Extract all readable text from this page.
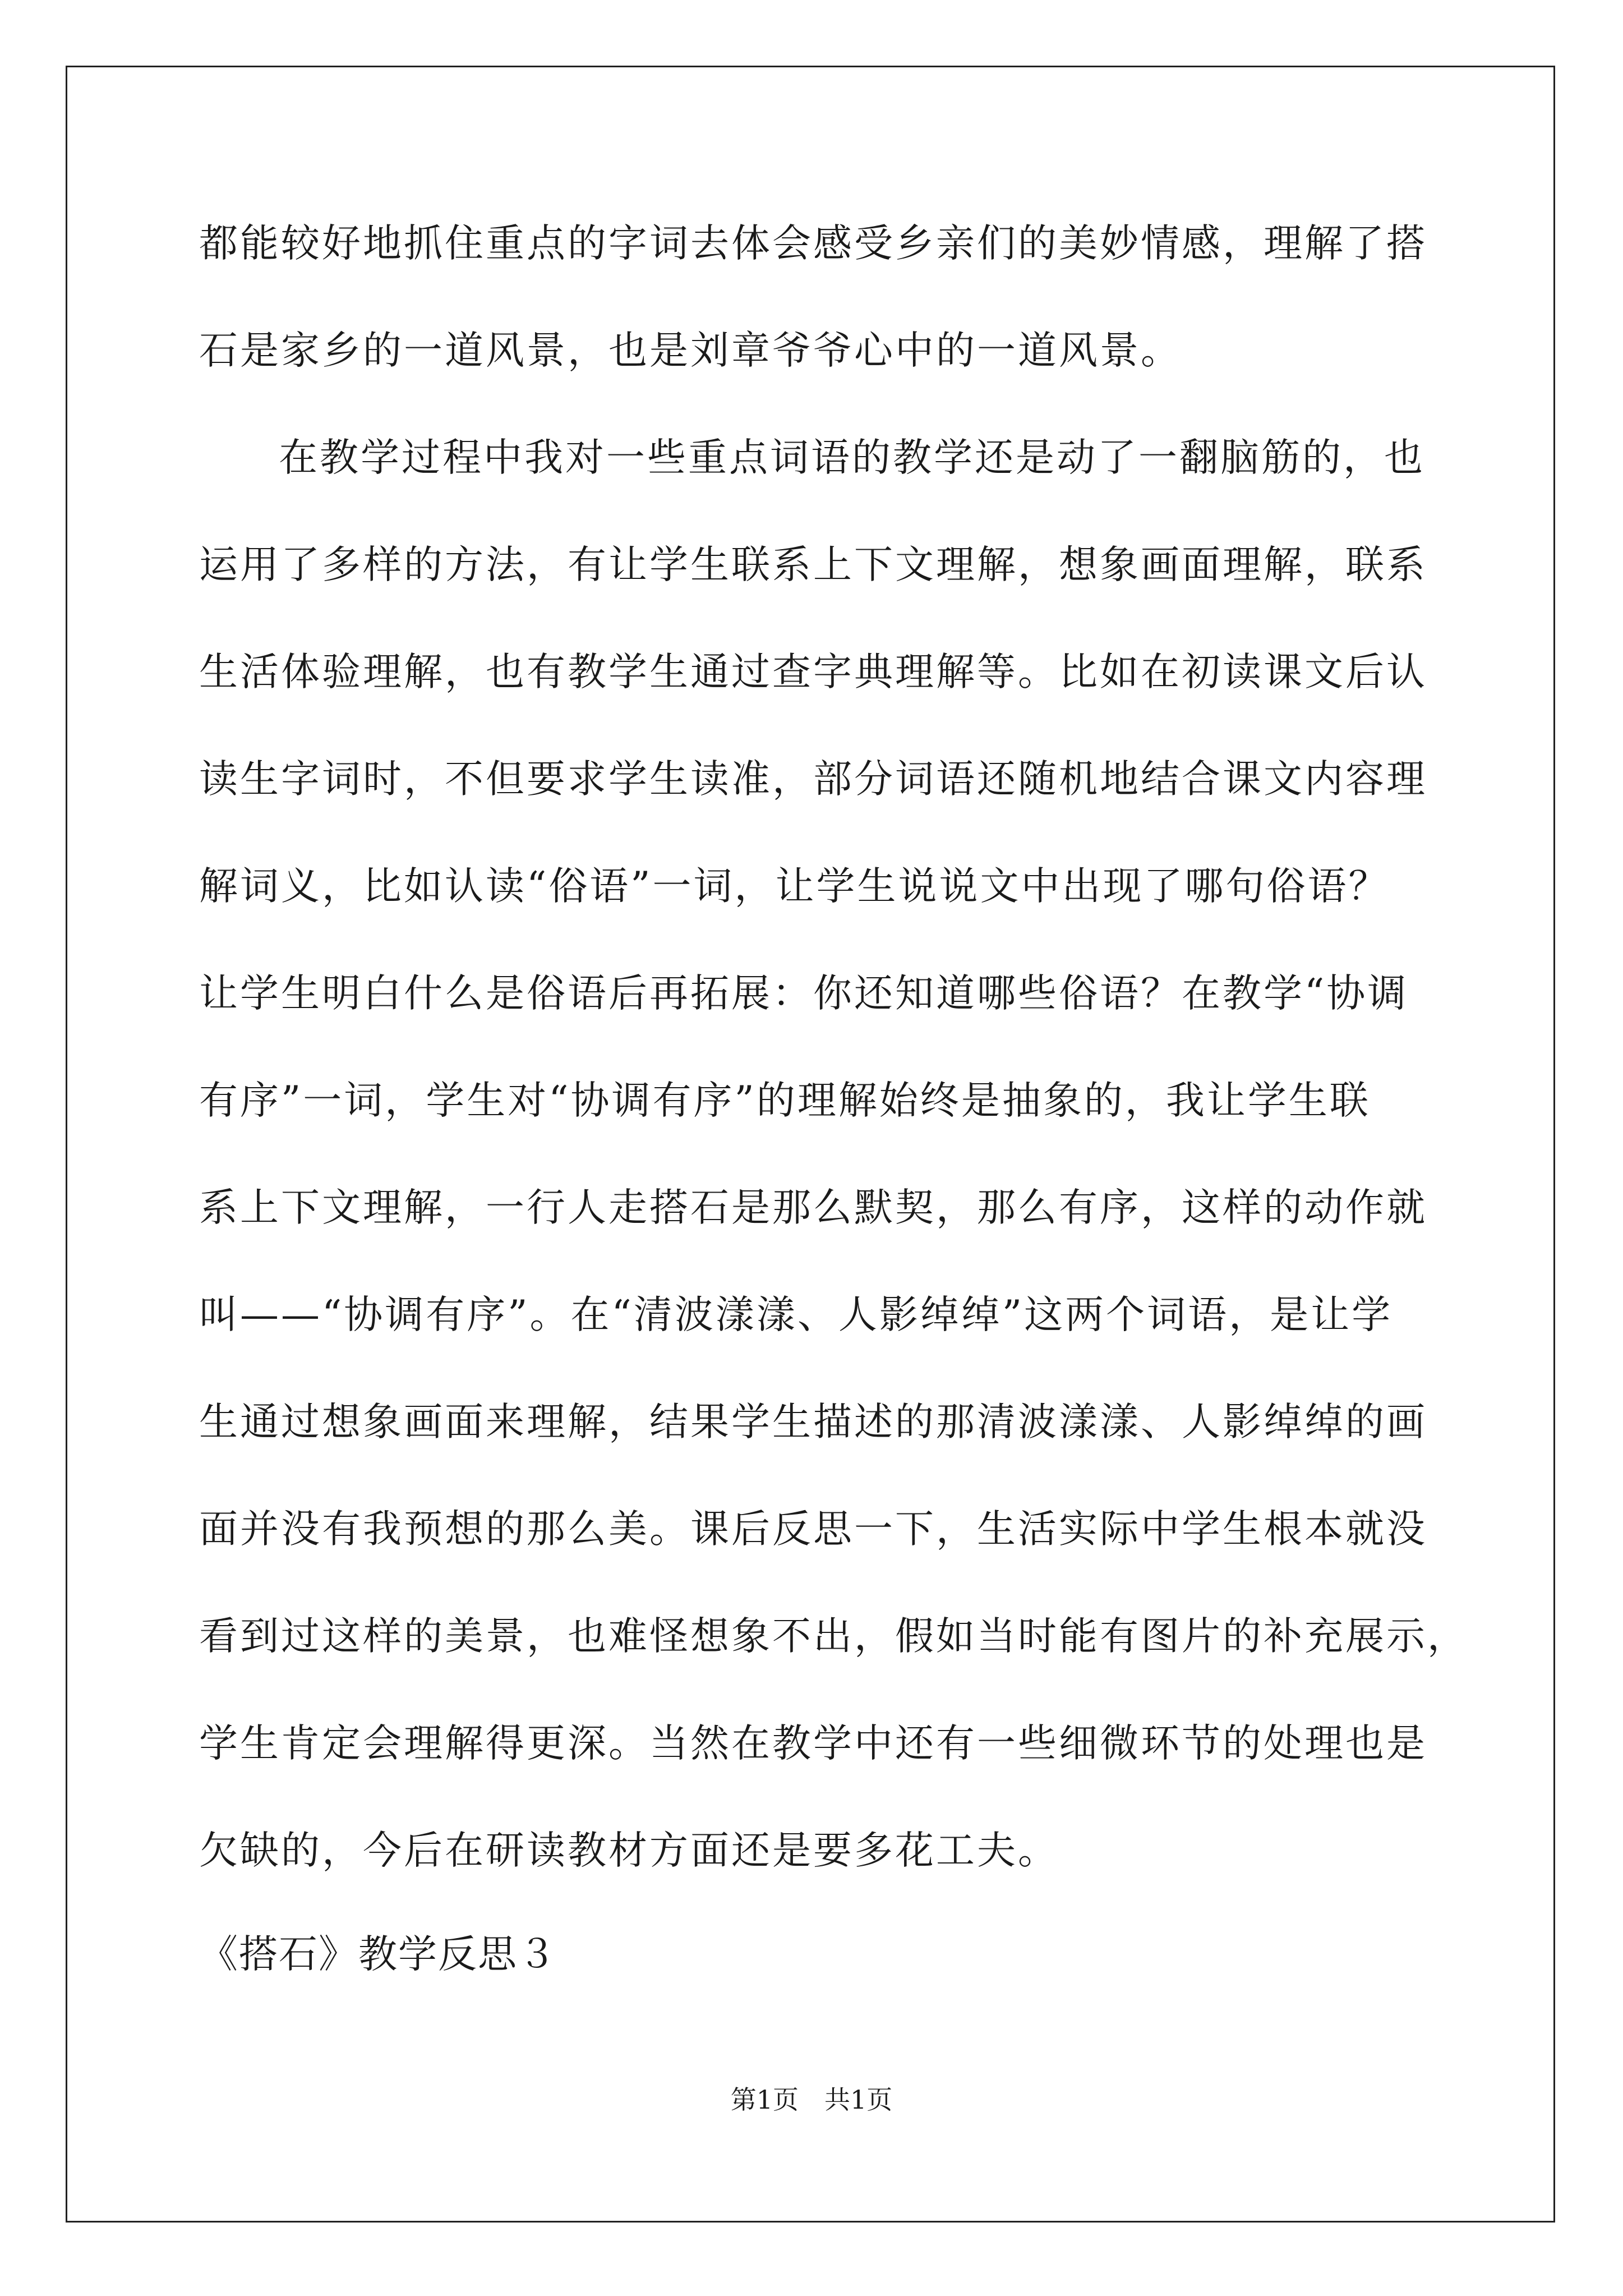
都能较好地抓住重点的字词去体会感受乡亲们的美妙情感，理解了搭
石是家乡的一道风景，也是刘章爷爷心中的一道风景。
在教学过程中我对一些重点词语的教学还是动了一翻脑筋的，也
运用了多样的方法，有让学生联系上下文理解，想象画面理解，联系
生活体验理解，也有教学生通过查字典理解等。比如在初读课文后认
读生字词时，不但要求学生读准，部分词语还随机地结合课文内容理
解词义，比如认读“俗语”一词，让学生说说文中出现了哪句俗语？
让学生明白什么是俗语后再拓展：你还知道哪些俗语？在教学“协调
有序”一词，学生对“协调有序”的理解始终是抽象的，我让学生联
系上下文理解，一行人走搭石是那么默契，那么有序，这样的动作就
叫——“协调有序”。在“清波漾漾、人影绰绰”这两个词语，是让学
生通过想象画面来理解，结果学生描述的那清波漾漾、人影绰绰的画
面并没有我预想的那么美。课后反思一下，生活实际中学生根本就没
看到过这样的美景，也难怪想象不出，假如当时能有图片的补充展示，
学生肯定会理解得更深。当然在教学中还有一些细微环节的处理也是
欠缺的，今后在研读教材方面还是要多花工夫。
《搭石》教学反思３
第1页　共1页
